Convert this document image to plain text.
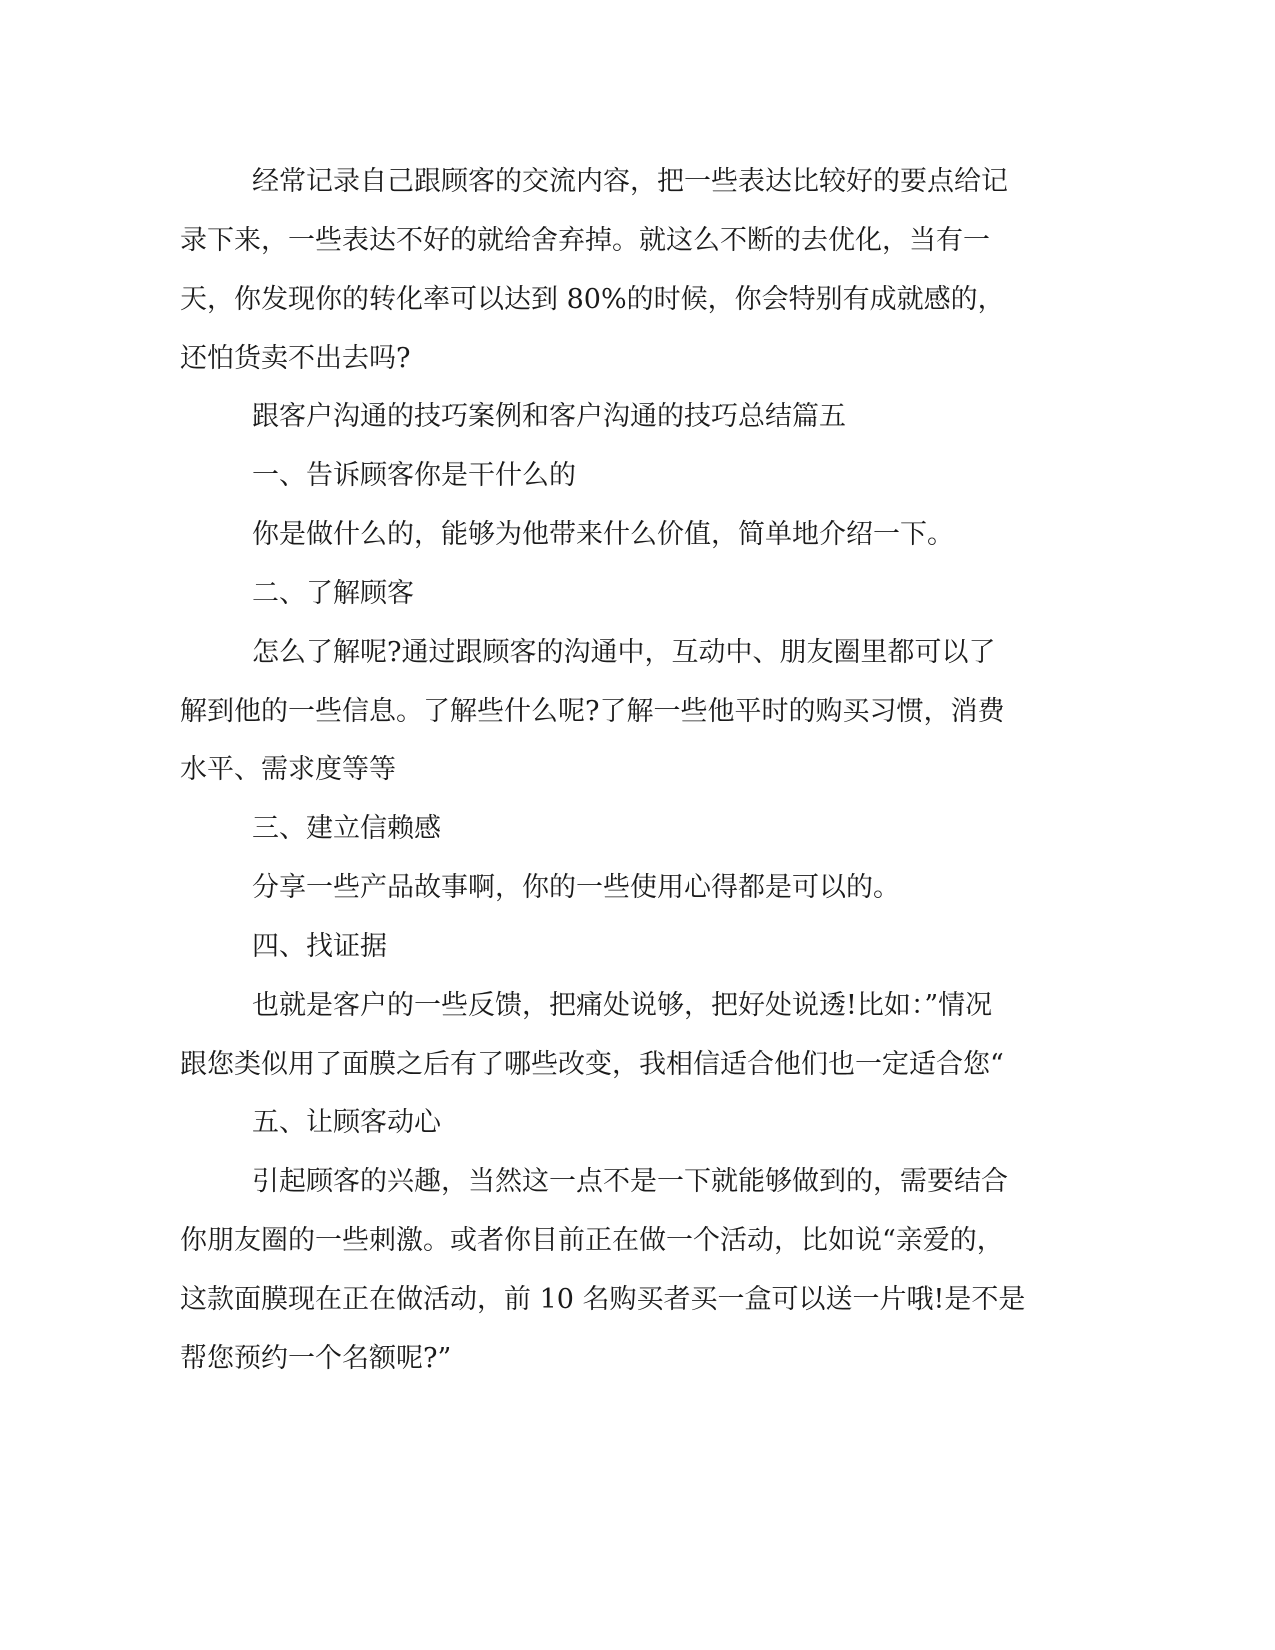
经常记录自己跟顾客的交流内容，把一些表达比较好的要点给记

录下来，一些表达不好的就给舍弃掉。就这么不断的去优化，当有一

天，你发现你的转化率可以达到 80%的时候，你会特别有成就感的，

还怕货卖不出去吗?

跟客户沟通的技巧案例和客户沟通的技巧总结篇五

一、告诉顾客你是干什么的

你是做什么的，能够为他带来什么价值，简单地介绍一下。

二、了解顾客

怎么了解呢?通过跟顾客的沟通中，互动中、朋友圈里都可以了

解到他的一些信息。了解些什么呢?了解一些他平时的购买习惯，消费

水平、需求度等等

三、建立信赖感

分享一些产品故事啊，你的一些使用心得都是可以的。

四、找证据

也就是客户的一些反馈，把痛处说够，把好处说透!比如：”情况

跟您类似用了面膜之后有了哪些改变，我相信适合他们也一定适合您“

五、让顾客动心

引起顾客的兴趣，当然这一点不是一下就能够做到的，需要结合

你朋友圈的一些刺激。或者你目前正在做一个活动，比如说“亲爱的，

这款面膜现在正在做活动，前 10 名购买者买一盒可以送一片哦!是不是

帮您预约一个名额呢?”
